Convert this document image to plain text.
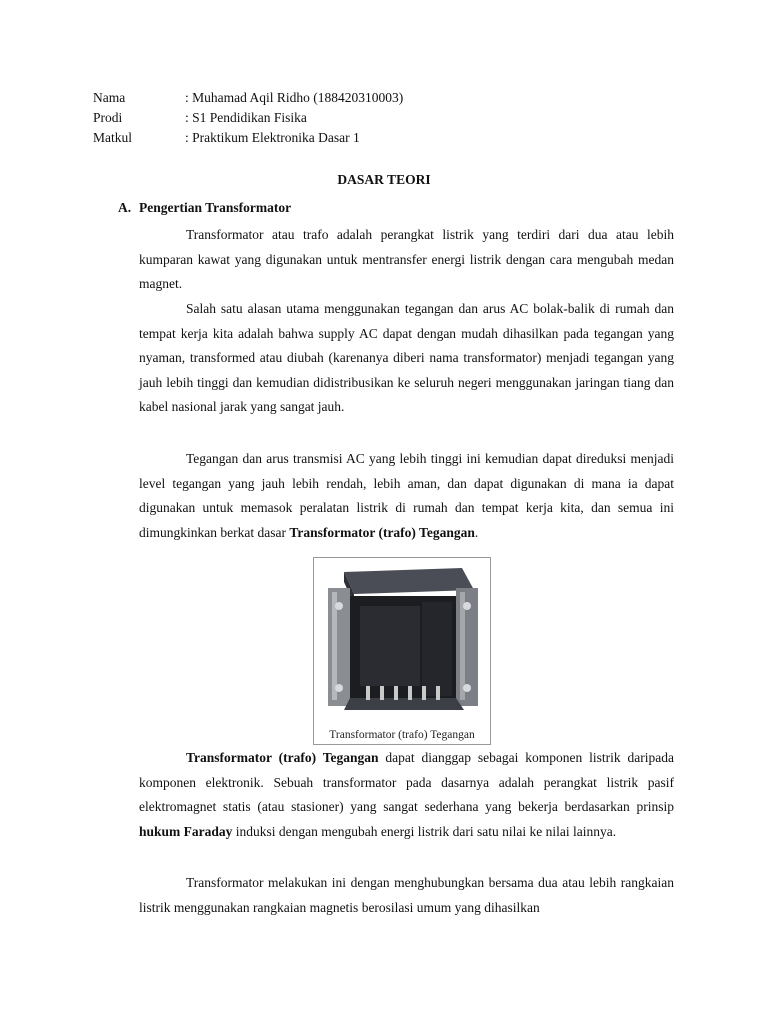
Nama	: Muhamad Aqil Ridho (188420310003)
Prodi	: S1 Pendidikan Fisika
Matkul	: Praktikum Elektronika Dasar 1
DASAR TEORI
A. Pengertian Transformator

Transformator atau trafo adalah perangkat listrik yang terdiri dari dua atau lebih kumparan kawat yang digunakan untuk mentransfer energi listrik dengan cara mengubah medan magnet.

Salah satu alasan utama menggunakan tegangan dan arus AC bolak-balik di rumah dan tempat kerja kita adalah bahwa supply AC dapat dengan mudah dihasilkan pada tegangan yang nyaman, transformed atau diubah (karenanya diberi nama transformator) menjadi tegangan yang jauh lebih tinggi dan kemudian didistribusikan ke seluruh negeri menggunakan jaringan tiang dan kabel nasional jarak yang sangat jauh.

Tegangan dan arus transmisi AC yang lebih tinggi ini kemudian dapat direduksi menjadi level tegangan yang jauh lebih rendah, lebih aman, dan dapat digunakan di mana ia dapat digunakan untuk memasok peralatan listrik di rumah dan tempat kerja kita, dan semua ini dimungkinkan berkat dasar Transformator (trafo) Tegangan.

Transformator (trafo) Tegangan

Transformator (trafo) Tegangan dapat dianggap sebagai komponen listrik daripada komponen elektronik. Sebuah transformator pada dasarnya adalah perangkat listrik pasif elektromagnet statis (atau stasioner) yang sangat sederhana yang bekerja berdasarkan prinsip hukum Faraday induksi dengan mengubah energi listrik dari satu nilai ke nilai lainnya.

Transformator melakukan ini dengan menghubungkan bersama dua atau lebih rangkaian listrik menggunakan rangkaian magnetis berosilasi umum yang dihasilkan
